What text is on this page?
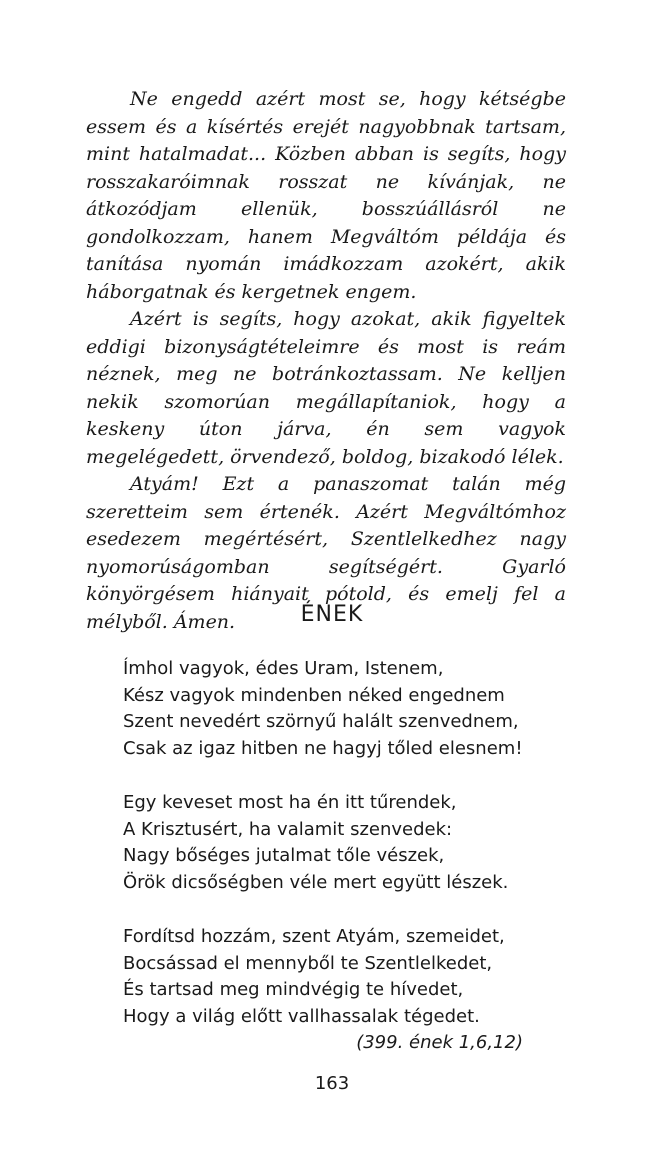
Ne engedd azért most se, hogy kétségbe essem és a kísértés erejét nagyobbnak tartsam, mint hatalmadat... Közben abban is segíts, hogy rosszakaróimnak rosszat ne kívánjak, ne átkozódjam ellenük, bosszúállásról ne gondolkozzam, hanem Megváltóm példája és tanítása nyomán imádkozzam azokért, akik háborgatnak és kergetnek engem.

Azért is segíts, hogy azokat, akik figyeltek eddigi bizonyságtételeimre és most is reám néznek, meg ne botránkoztassam. Ne kelljen nekik szomorúan megállapítaniok, hogy a keskeny úton járva, én sem vagyok megelégedett, örvendező, boldog, bizakodó lélek.

Atyám! Ezt a panaszomat talán még szeretteim sem értenék. Azért Megváltómhoz esedezem megértésért, Szentlelkedhez nagy nyomorúságomban segítségért. Gyarló könyörgésem hiányait pótold, és emelj fel a mélyből. Ámen.	ÉNEK
Ímhol vagyok, édes Uram, Istenem,
Kész vagyok mindenben néked engednem
Szent nevedért szörnyű halált szenvednem,
Csak az igaz hitben ne hagyj tőled elesnem!
Egy keveset most ha én itt tűrendek,
A Krisztusért, ha valamit szenvedek:
Nagy bőséges jutalmat tőle vészek,
Örök dicsőségben véle mert együtt lészek.
Fordítsd hozzám, szent Atyám, szemeidet,
Bocsássad el mennyből te Szentlelkedet,
És tartsad meg mindvégig te hívedet,
Hogy a világ előtt vallhassalak tégedet.
(399. ének 1,6,12)
163
